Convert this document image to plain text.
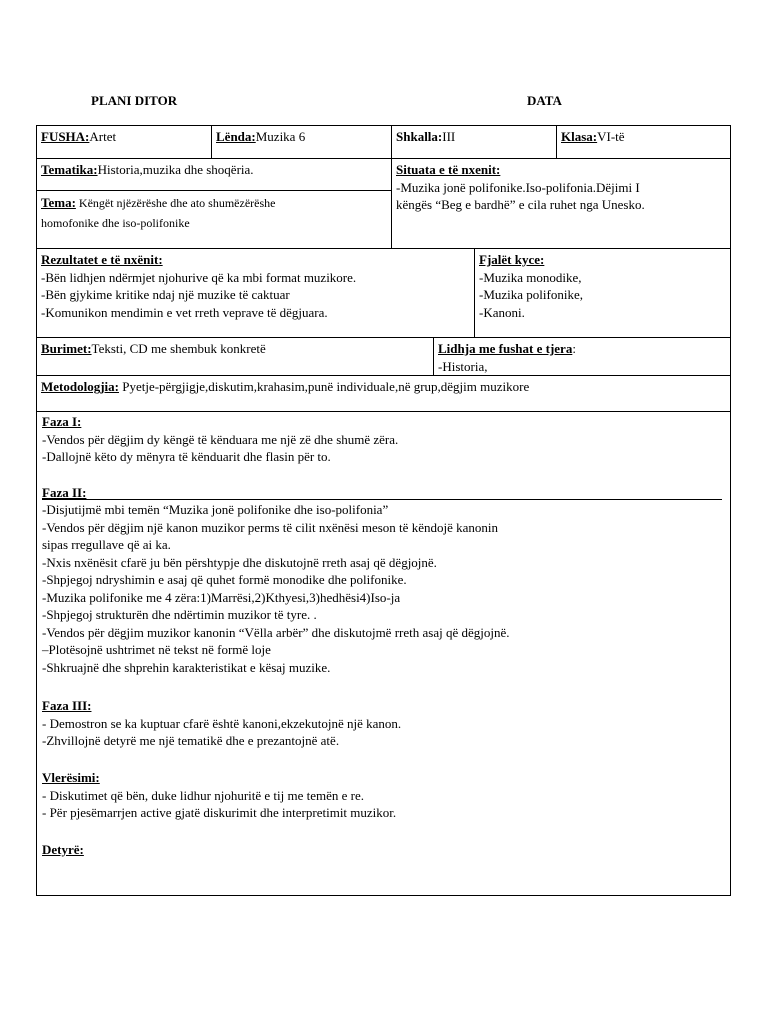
PLANI DITOR	DATA
FUSHA:Artet	Lënda:Muzika 6	Shkalla:III	Klasa:VI-të
Tematika:Historia,muzika dhe shoqëria.
Tema: Këngët njëzërëshe dhe ato shumëzërëshe
homofonike dhe iso-polifonike
Situata e të nxenit:
-Muzika jonë polifonike.Iso-polifonia.Dëjimi I
këngës “Beg e bardhë” e cila ruhet nga Unesko.
Rezultatet e të nxënit:
-Bën lidhjen ndërmjet njohurive që ka mbi format muzikore.
-Bën gjykime kritike ndaj një muzike të caktuar
-Komunikon mendimin e vet rreth veprave të dëgjuara.
Fjalët kyce:
-Muzika monodike,
-Muzika polifonike,
-Kanoni.
Burimet:Teksti, CD me shembuk konkretë	Lidhja me fushat e tjera:
-Historia,
Metodologjia: Pyetje-përgjigje,diskutim,krahasim,punë individuale,në grup,dëgjim muzikore
Faza I:
-Vendos për dëgjim dy këngë të kënduara me një zë dhe shumë zëra.
-Dallojnë këto dy mënyra të kënduarit dhe flasin për to.
Faza II:
-Disjutijmë mbi temën “Muzika jonë polifonike dhe iso-polifonia”
-Vendos për dëgjim një kanon muzikor perms të cilit nxënësi meson të këndojë kanonin
sipas rregullave që ai ka.
-Nxis nxënësit cfarë ju bën përshtypje dhe diskutojnë rreth asaj që dëgjojnë.
-Shpjegoj ndryshimin e asaj që quhet formë monodike dhe polifonike.
-Muzika polifonike me 4 zëra:1)Marrësi,2)Kthyesi,3)hedhësi4)Iso-ja
-Shpjegoj strukturën dhe ndërtimin muzikor të tyre. .
-Vendos për dëgjim muzikor kanonin “Vëlla arbër” dhe diskutojmë rreth asaj që dëgjojnë.
–Plotësojnë ushtrimet në tekst në formë loje
-Shkruajnë dhe shprehin karakteristikat e kësaj muzike.
Faza III:
- Demostron se ka kuptuar cfarë është kanoni,ekzekutojnë një kanon.
-Zhvillojnë detyrë me një tematikë dhe e prezantojnë atë.
Vlerësimi:
- Diskutimet që bën, duke lidhur njohuritë e tij me temën e re.
- Për pjesëmarrjen active gjatë diskurimit dhe interpretimit muzikor.
Detyrë:
